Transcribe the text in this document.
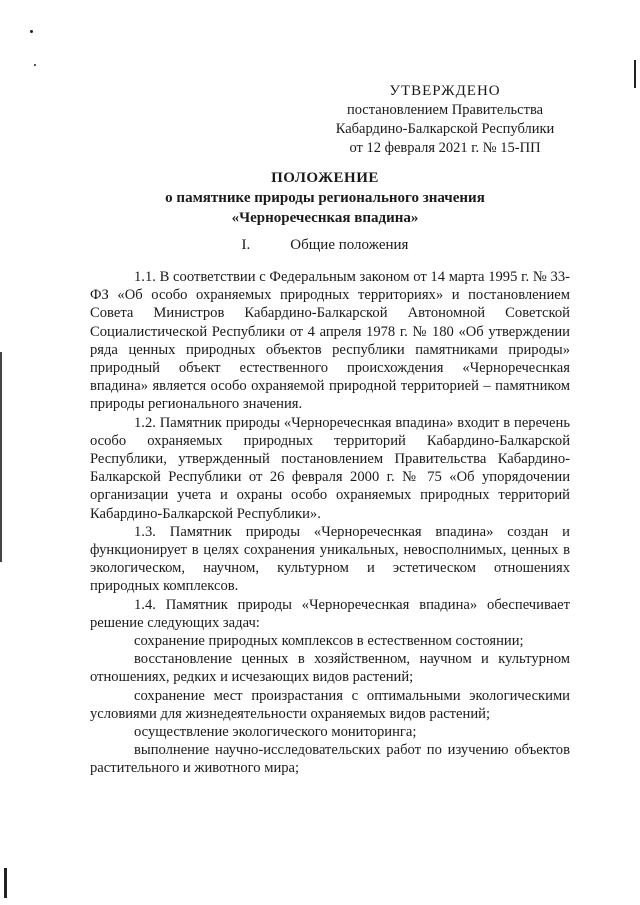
УТВЕРЖДЕНО
постановлением Правительства
Кабардино-Балкарской Республики
от 12 февраля 2021 г. № 15-ПП
ПОЛОЖЕНИЕ
о памятнике природы регионального значения
«Черноречеснкая впадина»
I.	Общие положения

1.1. В соответствии с Федеральным законом от 14 марта 1995 г. № 33-ФЗ «Об особо охраняемых природных территориях» и постановлением Совета Министров Кабардино-Балкарской Автономной Советской Социалистической Республики от 4 апреля 1978 г. № 180 «Об утверждении ряда ценных природных объектов республики памятниками природы» природный объект естественного происхождения «Черноречеснкая впадина» является особо охраняемой природной территорией – памятником природы регионального значения.

1.2. Памятник природы «Черноречеснкая впадина» входит в перечень особо охраняемых природных территорий Кабардино-Балкарской Республики, утвержденный постановлением Правительства Кабардино-Балкарской Республики от 26 февраля 2000 г. № 75 «Об упорядочении организации учета и охраны особо охраняемых природных территорий Кабардино-Балкарской Республики».

1.3. Памятник природы «Черноречеснкая впадина» создан и функционирует в целях сохранения уникальных, невосполнимых, ценных в экологическом, научном, культурном и эстетическом отношениях природных комплексов.

1.4. Памятник природы «Черноречеснкая впадина» обеспечивает решение следующих задач:

сохранение природных комплексов в естественном состоянии;

восстановление ценных в хозяйственном, научном и культурном отношениях, редких и исчезающих видов растений;

сохранение мест произрастания с оптимальными экологическими условиями для жизнедеятельности охраняемых видов растений;

осуществление экологического мониторинга;

выполнение научно-исследовательских работ по изучению объектов растительного и животного мира;
